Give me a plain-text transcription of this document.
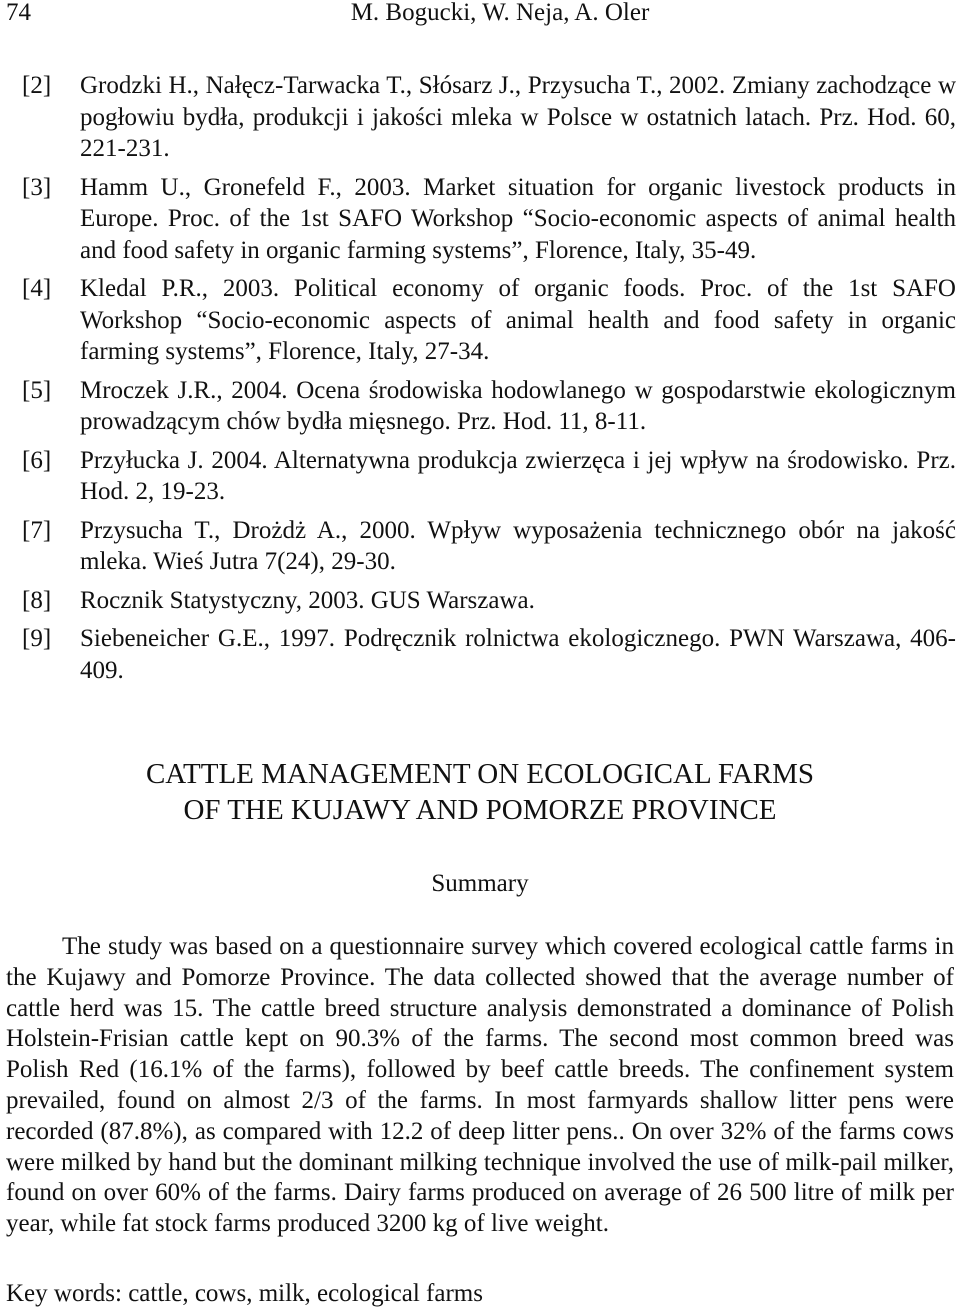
74	M. Bogucki, W. Neja, A. Oler
[2] Grodzki H., Nałęcz-Tarwacka T., Słósarz J., Przysucha T., 2002. Zmiany zachodzące w pogłowiu bydła, produkcji i jakości mleka w Polsce w ostatnich latach. Prz. Hod. 60, 221-231.
[3] Hamm U., Gronefeld F., 2003. Market situation for organic livestock products in Europe. Proc. of the 1st SAFO Workshop “Socio-economic aspects of animal health and food safety in organic farming systems”, Florence, Italy, 35-49.
[4] Kledal P.R., 2003. Political economy of organic foods. Proc. of the 1st SAFO Workshop “Socio-economic aspects of animal health and food safety in organic farming systems”, Florence, Italy, 27-34.
[5] Mroczek J.R., 2004. Ocena środowiska hodowlanego w gospodarstwie ekologicznym prowadzącym chów bydła mięsnego. Prz. Hod. 11, 8-11.
[6] Przyłucka J. 2004. Alternatywna produkcja zwierzęca i jej wpływ na środowisko. Prz. Hod. 2, 19-23.
[7] Przysucha T., Drożdż A., 2000. Wpływ wyposażenia technicznego obór na jakość mleka. Wieś Jutra 7(24), 29-30.
[8] Rocznik Statystyczny, 2003. GUS Warszawa.
[9] Siebeneicher G.E., 1997. Podręcznik rolnictwa ekologicznego. PWN Warszawa, 406-409.
CATTLE MANAGEMENT ON ECOLOGICAL FARMS
OF THE KUJAWY AND POMORZE PROVINCE
Summary

The study was based on a questionnaire survey which covered ecological cattle farms in the Kujawy and Pomorze Province. The data collected showed that the average number of cattle herd was 15. The cattle breed structure analysis demonstrated a dominance of Polish Holstein-Frisian cattle kept on 90.3% of the farms. The second most common breed was Polish Red (16.1% of the farms), followed by beef cattle breeds. The confinement system prevailed, found on almost 2/3 of the farms. In most farmyards shallow litter pens were recorded (87.8%), as compared with 12.2 of deep litter pens.. On over 32% of the farms cows were milked by hand but the dominant milking technique involved the use of milk-pail milker, found on over 60% of the farms. Dairy farms produced on average of 26 500 litre of milk per year, while fat stock farms produced 3200 kg of live weight.

Key words: cattle, cows, milk, ecological farms
